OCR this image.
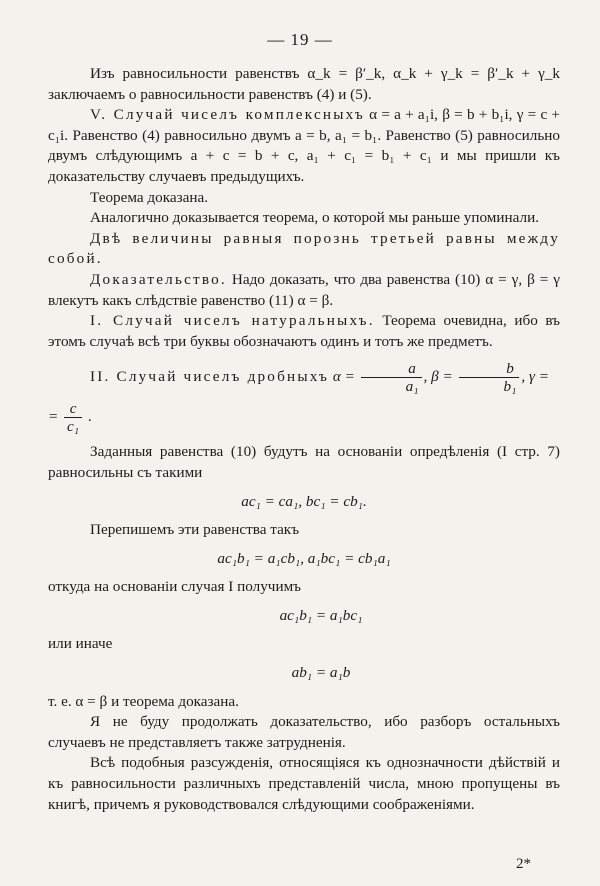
— 19 —

Изъ равносильности равенствъ α_k = β′_k, α_k + γ_k = β′_k + γ_k заключаемъ о равносильности равенствъ (4) и (5).

V. Случай чиселъ комплексныхъ α = a + a₁i, β = b + b₁i, γ = c + c₁i. Равенство (4) равносильно двумъ a = b, a₁ = b₁. Равенство (5) равносильно двумъ слѣдующимъ a + c = b + c, a₁ + c₁ = b₁ + c₁ и мы пришли къ доказательству случаевъ предыдущихъ.

Теорема доказана.

Аналогично доказывается теорема, о которой мы раньше упоминали.

Двѣ величины равныя порознь третьей равны между собой.

Доказательство. Надо доказать, что два равенства (10) α = γ, β = γ влекутъ какъ слѣдствіе равенство (11) α = β.

I. Случай чиселъ натуральныхъ. Теорема очевидна, ибо въ этомъ случаѣ всѣ три буквы обозначаютъ одинъ и тотъ же предметъ.

II. Случай чиселъ дробныхъ $\alpha = \frac{a}{\text{a₁}}$ , $\beta = \frac{b}{\text{b₁}}$ , γ =

= $\frac{c}{\text{c₁}}$ .

Заданныя равенства (10) будутъ на основаніи опредѣленія (I стр. 7) равносильны съ такими

ac₁ = ca₁, bc₁ = cb₁.

Перепишемъ эти равенства такъ

ac₁b₁ = a₁cb₁, a₁bc₁ = cb₁a₁

откуда на основаніи случая I получимъ

ac₁b₁ = a₁bc₁

или иначе

ab₁ = a₁b

т. е. α = β и теорема доказана.

Я не буду продолжать доказательство, ибо разборъ остальныхъ случаевъ не представляетъ также затрудненія.

Всѣ подобныя разсужденія, относящіяся къ однозначности дѣйствій и къ равносильности различныхъ представленій числа, мною пропущены въ книгѣ, причемъ я руководствовался слѣдующими соображеніями.

2*
